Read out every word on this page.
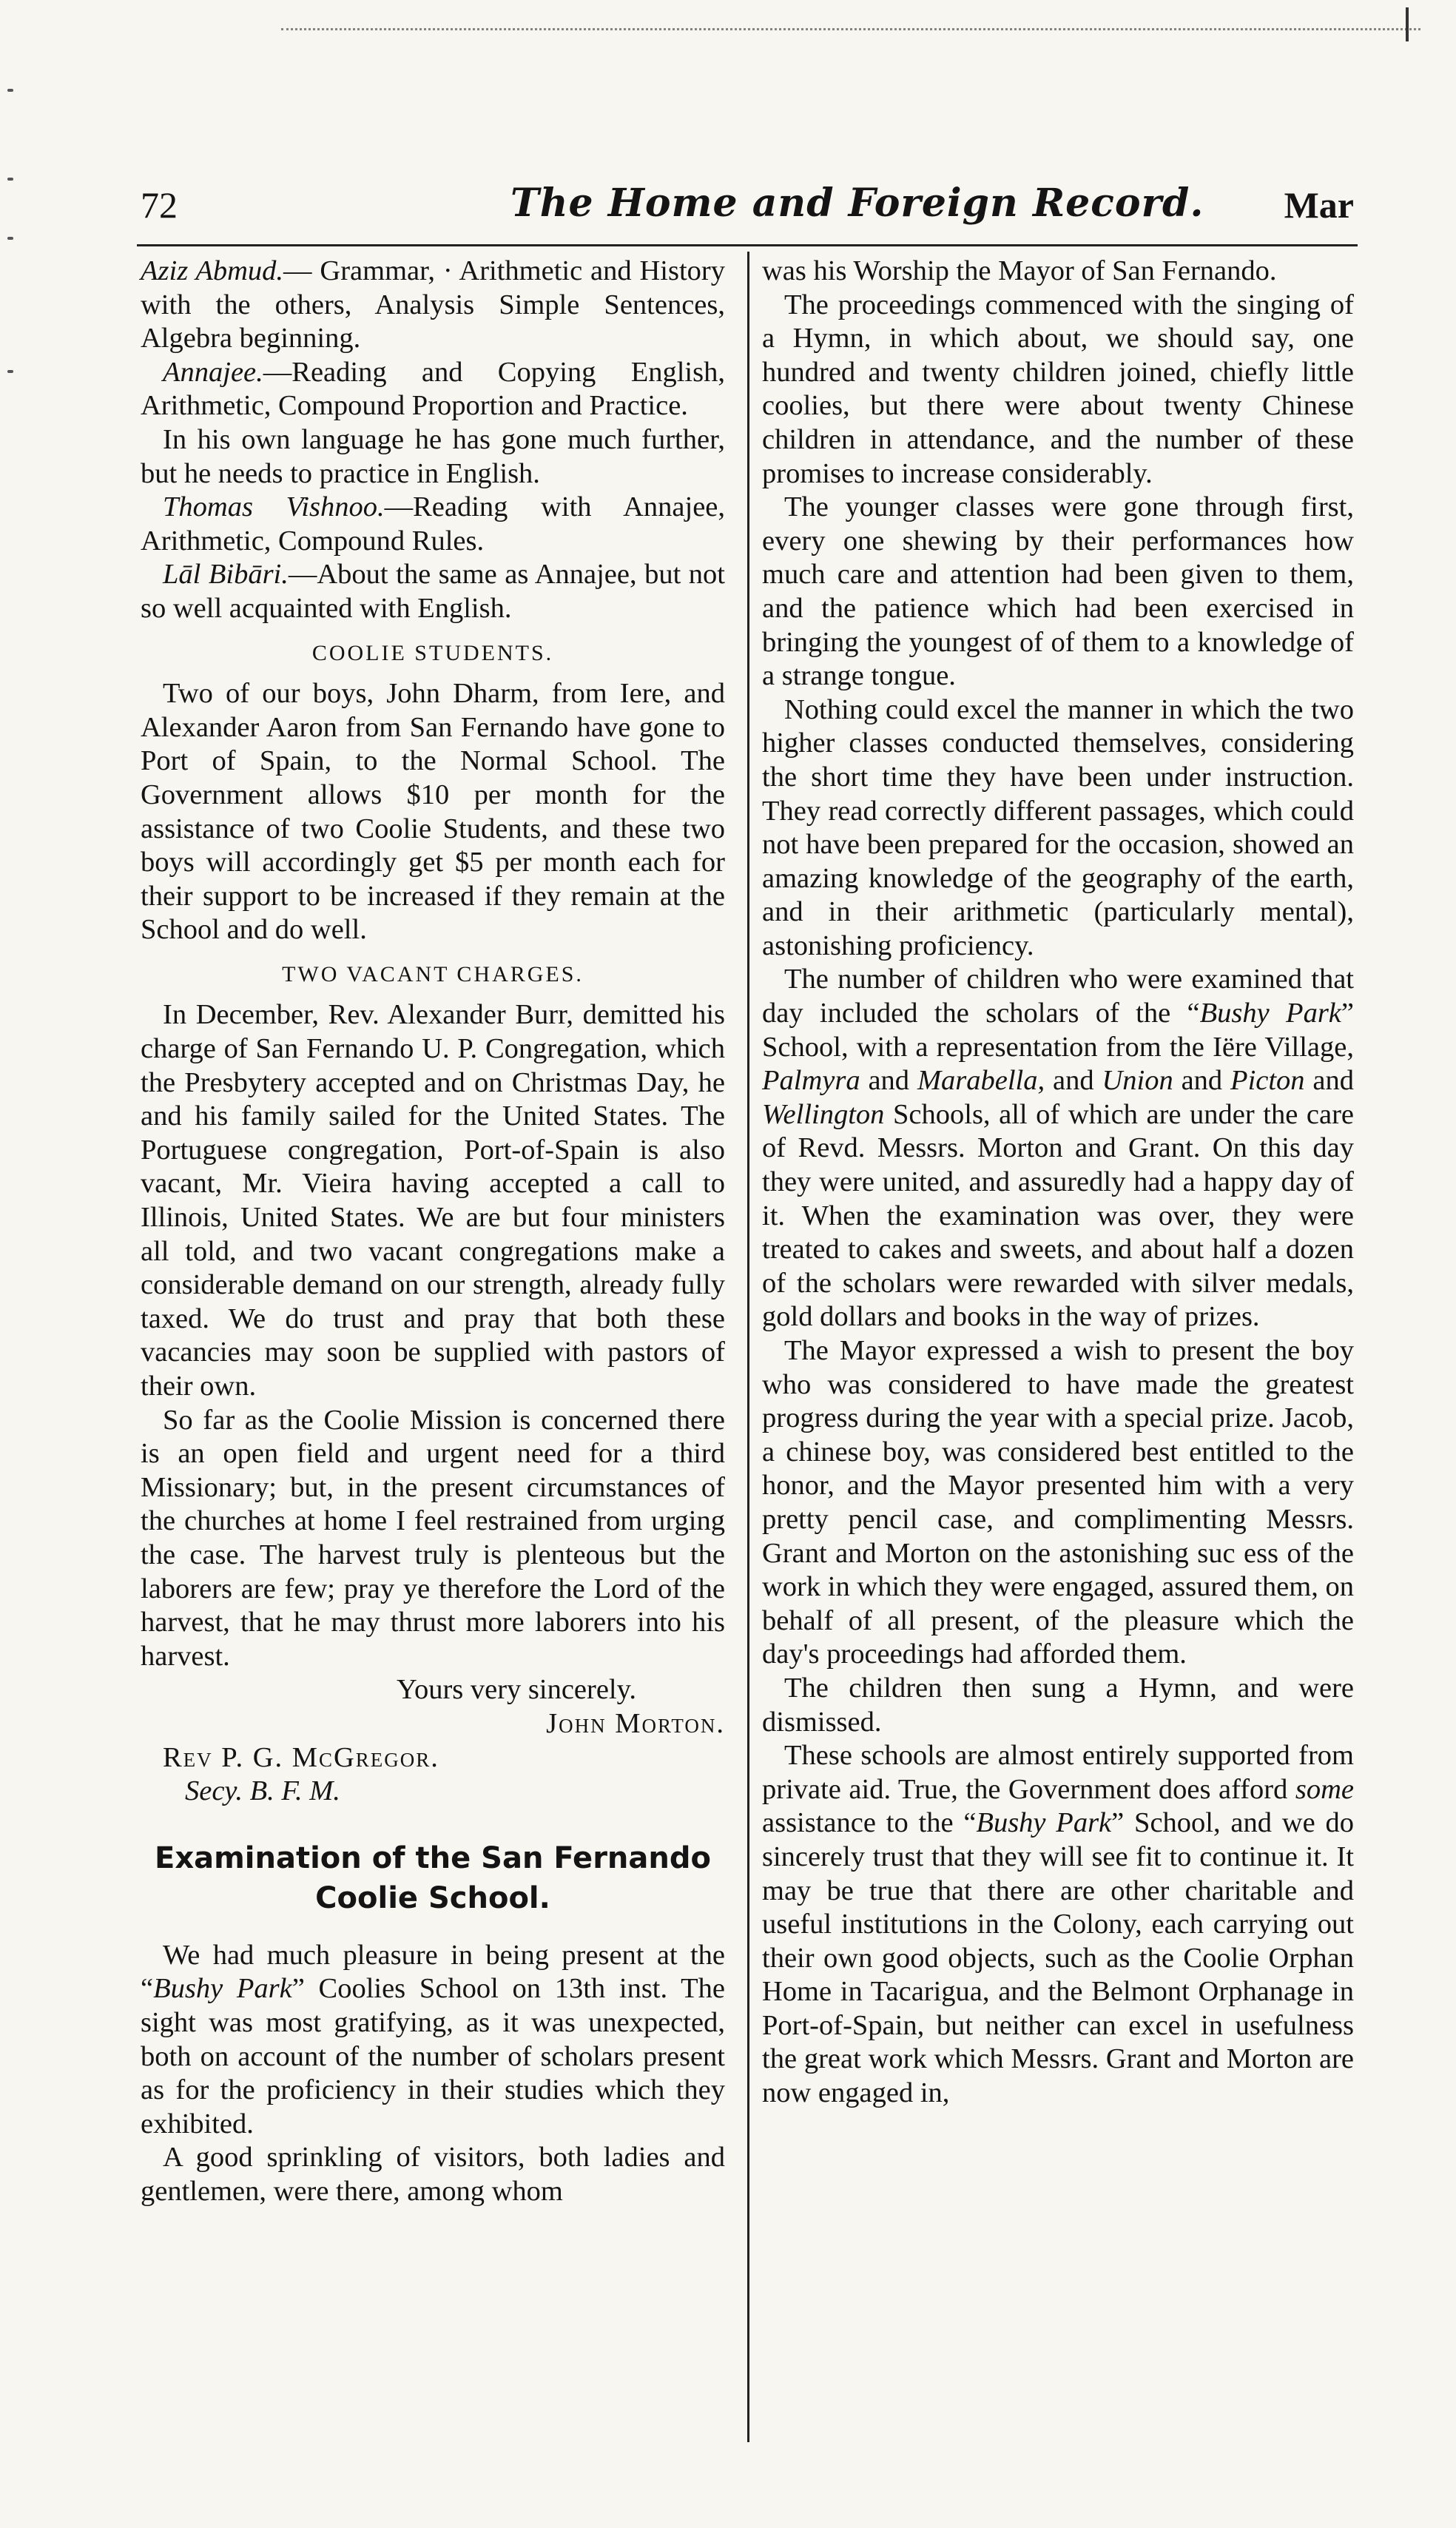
72	The Home and Foreign Record. Mar

Aziz Abmud.— Grammar, · Arithmetic and History with the others, Analysis Simple Sentences, Algebra beginning.

Annajee.—Reading and Copying English, Arithmetic, Compound Proportion and Practice.

In his own language he has gone much further, but he needs to practice in English.

Thomas Vishnoo.—Reading with Annajee, Arithmetic, Compound Rules.

Lāl Bibāri.—About the same as Annajee, but not so well acquainted with English.

COOLIE STUDENTS.

Two of our boys, John Dharm, from Iere, and Alexander Aaron from San Fernando have gone to Port of Spain, to the Normal School. The Government allows $10 per month for the assistance of two Coolie Students, and these two boys will accordingly get $5 per month each for their support to be increased if they remain at the School and do well.

TWO VACANT CHARGES.

In December, Rev. Alexander Burr, demitted his charge of San Fernando U. P. Congregation, which the Presbytery accepted and on Christmas Day, he and his family sailed for the United States. The Portuguese congregation, Port-of-Spain is also vacant, Mr. Vieira having accepted a call to Illinois, United States. We are but four ministers all told, and two vacant congregations make a considerable demand on our strength, already fully taxed. We do trust and pray that both these vacancies may soon be supplied with pastors of their own.

So far as the Coolie Mission is concerned there is an open field and urgent need for a third Missionary; but, in the present circumstances of the churches at home I feel restrained from urging the case. The harvest truly is plenteous but the laborers are few; pray ye therefore the Lord of the harvest, that he may thrust more laborers into his harvest.

Yours very sincerely.

John Morton.

Rev P. G. McGregor.

Secy. B. F. M.

Examination of the San Fernando Coolie School.

We had much pleasure in being present at the “Bushy Park” Coolies School on 13th inst. The sight was most gratifying, as it was unexpected, both on account of the number of scholars present as for the proficiency in their studies which they exhibited.

A good sprinkling of visitors, both ladies and gentlemen, were there, among whom

was his Worship the Mayor of San Fernando.

The proceedings commenced with the singing of a Hymn, in which about, we should say, one hundred and twenty children joined, chiefly little coolies, but there were about twenty Chinese children in attendance, and the number of these promises to increase considerably.

The younger classes were gone through first, every one shewing by their performances how much care and attention had been given to them, and the patience which had been exercised in bringing the youngest of of them to a knowledge of a strange tongue.

Nothing could excel the manner in which the two higher classes conducted themselves, considering the short time they have been under instruction. They read correctly different passages, which could not have been prepared for the occasion, showed an amazing knowledge of the geography of the earth, and in their arithmetic (particularly mental), astonishing proficiency.

The number of children who were examined that day included the scholars of the “Bushy Park” School, with a representation from the Iëre Village, Palmyra and Marabella, and Union and Picton and Wellington Schools, all of which are under the care of Revd. Messrs. Morton and Grant. On this day they were united, and assuredly had a happy day of it. When the examination was over, they were treated to cakes and sweets, and about half a dozen of the scholars were rewarded with silver medals, gold dollars and books in the way of prizes.

The Mayor expressed a wish to present the boy who was considered to have made the greatest progress during the year with a special prize. Jacob, a chinese boy, was considered best entitled to the honor, and the Mayor presented him with a very pretty pencil case, and complimenting Messrs. Grant and Morton on the astonishing suc ess of the work in which they were engaged, assured them, on behalf of all present, of the pleasure which the day's proceedings had afforded them.

The children then sung a Hymn, and were dismissed.

These schools are almost entirely supported from private aid. True, the Government does afford some assistance to the “Bushy Park” School, and we do sincerely trust that they will see fit to continue it. It may be true that there are other charitable and useful institutions in the Colony, each carrying out their own good objects, such as the Coolie Orphan Home in Tacarigua, and the Belmont Orphanage in Port-of-Spain, but neither can excel in usefulness the great work which Messrs. Grant and Morton are now engaged in,
